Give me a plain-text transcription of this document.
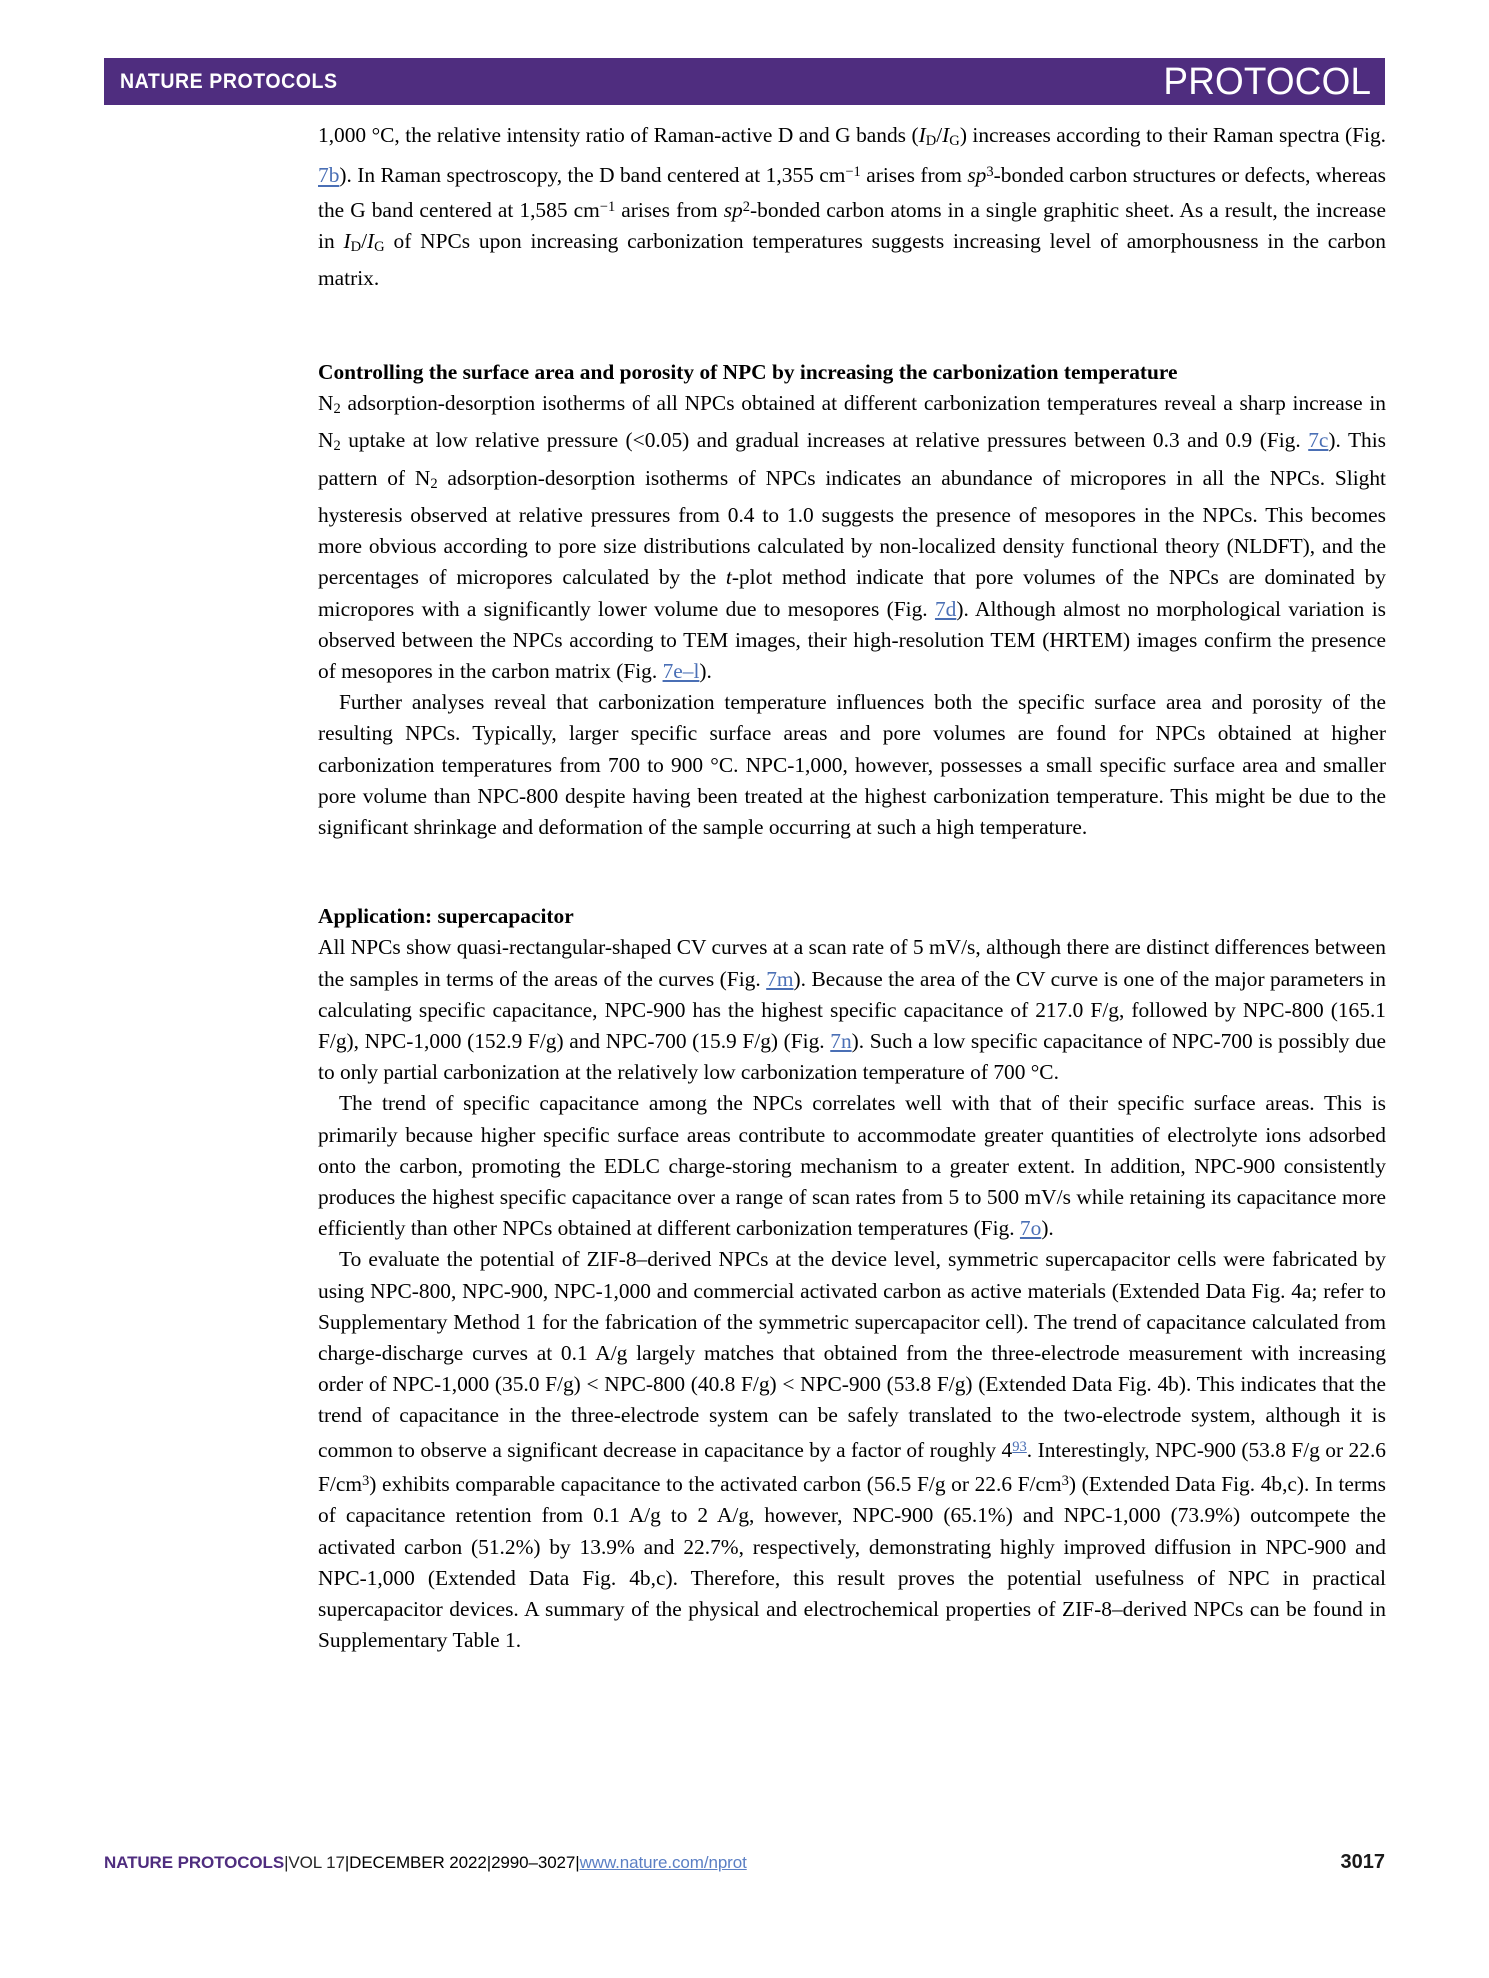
NATURE PROTOCOLS	PROTOCOL

1,000 °C, the relative intensity ratio of Raman-active D and G bands $(I_D/I_G)$ increases according to their Raman spectra (Fig. 7b). In Raman spectroscopy, the D band centered at 1,355 $cm^{-1}$ arises from $sp^3$-bonded carbon structures or defects, whereas the G band centered at 1,585 $cm^{-1}$ arises from $sp^2$-bonded carbon atoms in a single graphitic sheet. As a result, the increase in $I_D/I_G$ of NPCs upon increasing carbonization temperatures suggests increasing level of amorphousness in the carbon matrix.

Controlling the surface area and porosity of NPC by increasing the carbonization temperature

$N_2$ adsorption-desorption isotherms of all NPCs obtained at different carbonization temperatures reveal a sharp increase in $N_2$ uptake at low relative pressure (<0.05) and gradual increases at relative pressures between 0.3 and 0.9 (Fig. 7c). This pattern of $N_2$ adsorption-desorption isotherms of NPCs indicates an abundance of micropores in all the NPCs. Slight hysteresis observed at relative pressures from 0.4 to 1.0 suggests the presence of mesopores in the NPCs. This becomes more obvious according to pore size distributions calculated by non-localized density functional theory (NLDFT), and the percentages of micropores calculated by the t-plot method indicate that pore volumes of the NPCs are dominated by micropores with a significantly lower volume due to mesopores (Fig. 7d). Although almost no morphological variation is observed between the NPCs according to TEM images, their high-resolution TEM (HRTEM) images confirm the presence of mesopores in the carbon matrix (Fig. 7e–l).

Further analyses reveal that carbonization temperature influences both the specific surface area and porosity of the resulting NPCs. Typically, larger specific surface areas and pore volumes are found for NPCs obtained at higher carbonization temperatures from 700 to 900 °C. NPC-1,000, however, possesses a small specific surface area and smaller pore volume than NPC-800 despite having been treated at the highest carbonization temperature. This might be due to the significant shrinkage and deformation of the sample occurring at such a high temperature.

Application: supercapacitor

All NPCs show quasi-rectangular-shaped CV curves at a scan rate of 5 mV/s, although there are distinct differences between the samples in terms of the areas of the curves (Fig. 7m). Because the area of the CV curve is one of the major parameters in calculating specific capacitance, NPC-900 has the highest specific capacitance of 217.0 F/g, followed by NPC-800 (165.1 F/g), NPC-1,000 (152.9 F/g) and NPC-700 (15.9 F/g) (Fig. 7n). Such a low specific capacitance of NPC-700 is possibly due to only partial carbonization at the relatively low carbonization temperature of 700 °C.

The trend of specific capacitance among the NPCs correlates well with that of their specific surface areas. This is primarily because higher specific surface areas contribute to accommodate greater quantities of electrolyte ions adsorbed onto the carbon, promoting the EDLC charge-storing mechanism to a greater extent. In addition, NPC-900 consistently produces the highest specific capacitance over a range of scan rates from 5 to 500 mV/s while retaining its capacitance more efficiently than other NPCs obtained at different carbonization temperatures (Fig. 7o).

To evaluate the potential of ZIF-8–derived NPCs at the device level, symmetric supercapacitor cells were fabricated by using NPC-800, NPC-900, NPC-1,000 and commercial activated carbon as active materials (Extended Data Fig. 4a; refer to Supplementary Method 1 for the fabrication of the symmetric supercapacitor cell). The trend of capacitance calculated from charge-discharge curves at 0.1 A/g largely matches that obtained from the three-electrode measurement with increasing order of NPC-1,000 (35.0 F/g) < NPC-800 (40.8 F/g) < NPC-900 (53.8 F/g) (Extended Data Fig. 4b). This indicates that the trend of capacitance in the three-electrode system can be safely translated to the two-electrode system, although it is common to observe a significant decrease in capacitance by a factor of roughly 4$^{93}$. Interestingly, NPC-900 (53.8 F/g or 22.6 $F/cm^3$) exhibits comparable capacitance to the activated carbon (56.5 F/g or 22.6 $F/cm^3$) (Extended Data Fig. 4b,c). In terms of capacitance retention from 0.1 A/g to 2 A/g, however, NPC-900 (65.1%) and NPC-1,000 (73.9%) outcompete the activated carbon (51.2%) by 13.9% and 22.7%, respectively, demonstrating highly improved diffusion in NPC-900 and NPC-1,000 (Extended Data Fig. 4b,c). Therefore, this result proves the potential usefulness of NPC in practical supercapacitor devices. A summary of the physical and electrochemical properties of ZIF-8–derived NPCs can be found in Supplementary Table 1.

NATURE PROTOCOLS|VOL 17|DECEMBER 2022|2990–3027|www.nature.com/nprot	3017
